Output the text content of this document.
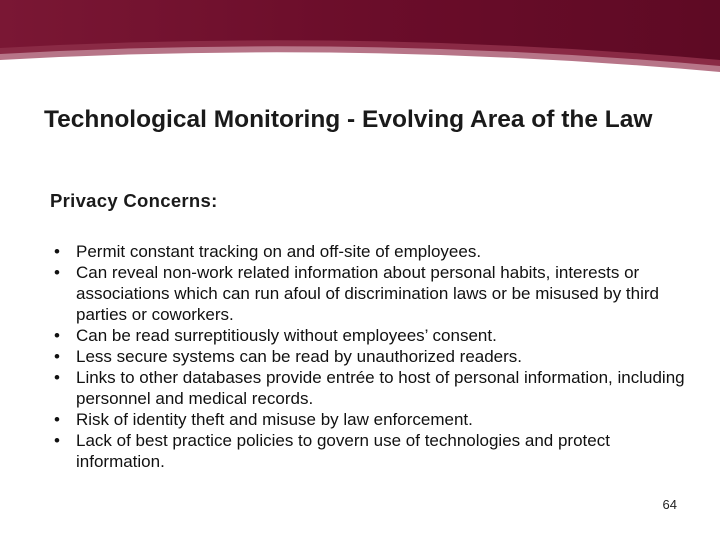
Technological Monitoring - Evolving Area of the Law
Privacy Concerns:
• Permit constant tracking on and off-site of employees.
• Can reveal non-work related information about personal habits, interests or associations which can run afoul of discrimination laws or be misused by third parties or coworkers.
• Can be read surreptitiously without employees’ consent.
• Less secure systems can be read by unauthorized readers.
• Links to other databases provide entrée to host of personal information, including personnel and medical records.
• Risk of identity theft and misuse by law enforcement.
• Lack of best practice policies to govern use of technologies and protect information.
64
